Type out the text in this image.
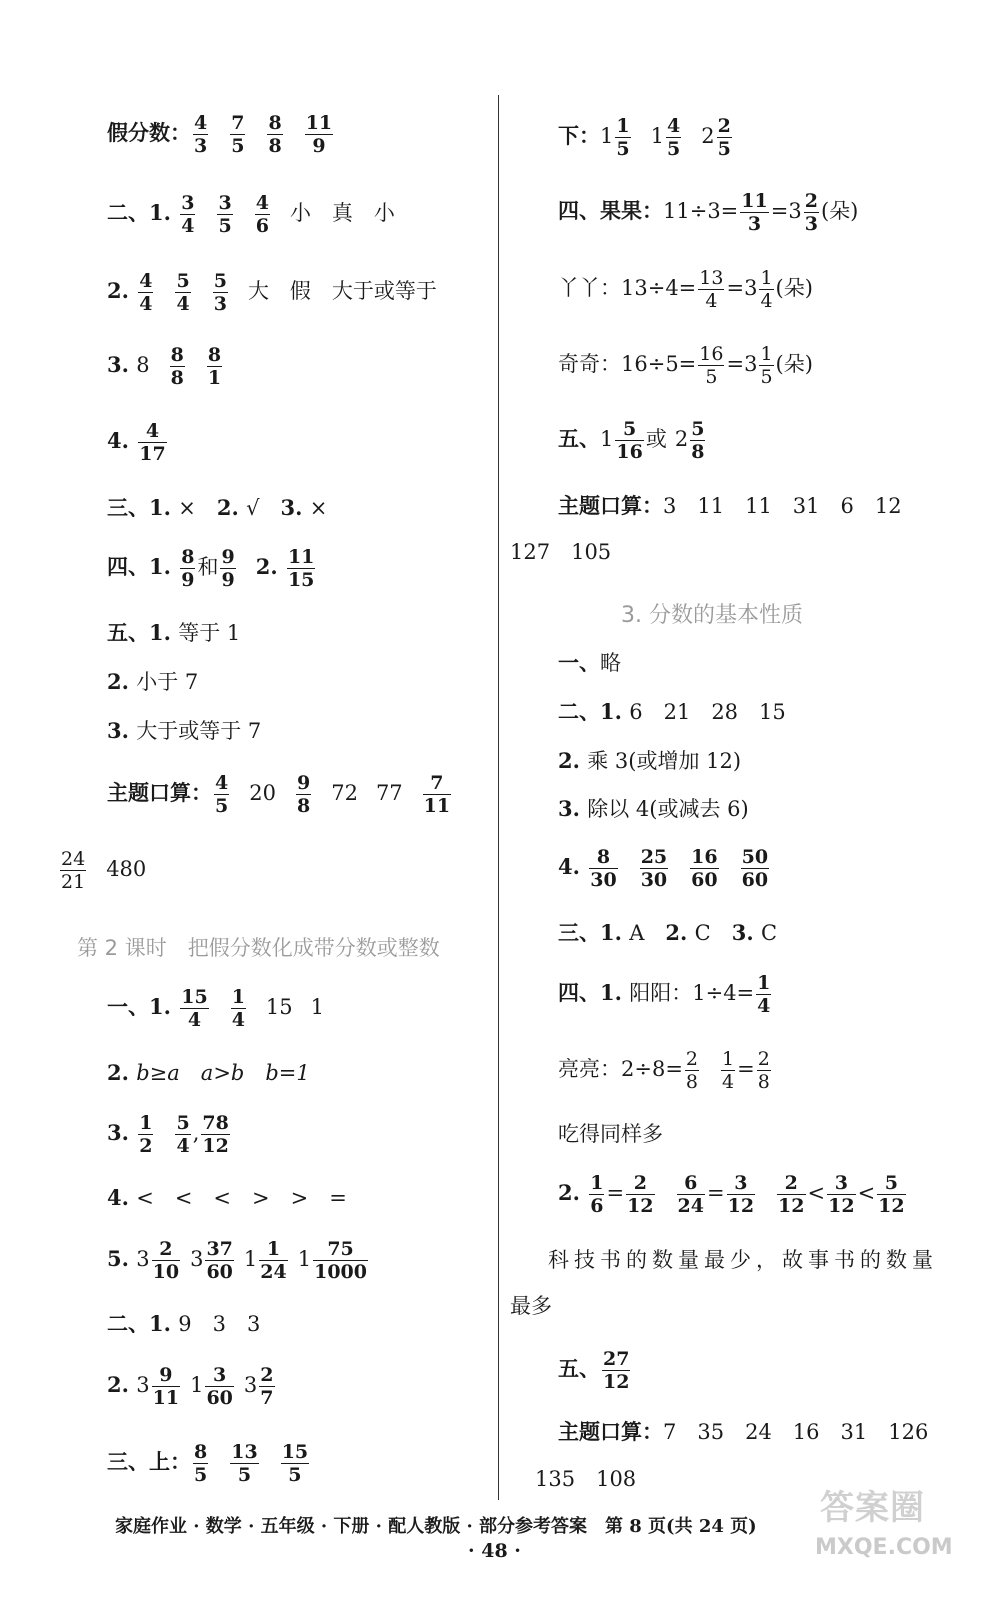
假分数： $\frac{4}{3} \frac{7}{5} \frac{8}{8} \frac{11}{9}$
二、1. $\frac{3}{4} \frac{3}{5} \frac{4}{6}$ 小　真　小
2. $\frac{4}{4} \frac{5}{4} \frac{5}{3}$ 大　假　大于或等于
3. $8 \frac{8}{8} \frac{8}{1}$
4. $\frac{4}{17}$
三、1. ×　2. √　3. ×
四、1. $\frac{8}{9}$ 和 $\frac{9}{9} 2$. $\frac{11}{15}$
五、1. 等于 1
2. 小于 7
3. 大于或等于 7
主题口算： $\frac{4}{5} 20 \frac{9}{8} 72$ $77 \frac{7}{11}$
$\frac{24}{21} 480$
第 2 课时　把假分数化成带分数或整数
一、1. $\frac{15}{4} \frac{1}{4} 15$ 1
2. b≥a　a>b　b=1
3. $\frac{1}{2} \frac{5}{4}$ , $\frac{78}{12}$
4. <　<　<　>　>　=
5. $3 \frac{2}{10} 3 \frac{37}{60} 1 \frac{1}{24} 1 \frac{75}{1000}$
二、1. 9　3　3
2. $3 \frac{9}{11} 1 \frac{3}{60} 3 \frac{2}{7}$
三、上： $\frac{8}{5} \frac{13}{5} \frac{15}{5}$
下：$1 \frac{1}{5} 1 \frac{4}{5} 2 \frac{2}{5}$
四、果果：$11\div 3= \frac{11}{3} =3 \frac{2}{3}$ (朵)
丫丫：$13\div 4= \frac{13}{4} =3 \frac{1}{4}$ (朵)
奇奇：$16\div 5= \frac{16}{5} =3 \frac{1}{5}$ (朵)
五、$1 \frac{5}{16}$ 或 $2 \frac{5}{8}$
主题口算：3　11　11　31　6　12
127　105
3. 分数的基本性质
一、略
二、1. 6　21　28　15
2. 乘 3(或增加 12)
3. 除以 4(或减去 6)
4. $\frac{8}{30} \frac{25}{30} \frac{16}{60} \frac{50}{60}$
三、1. A　2. C　3. C
四、1. 阳阳：$1\div 4= \frac{1}{4}$
亮亮：$2\div 8= \frac{2}{8} \frac{1}{4} = \frac{2}{8}$
吃得同样多
2. $\frac{1}{6} = \frac{2}{12} \frac{6}{24} = \frac{3}{12} \frac{2}{12} < \frac{3}{12} < \frac{5}{12}$
科技书的数量最少，故事书的数量
最多
五、 $\frac{27}{12}$
主题口算：7　35　24　16　31　126
135　108
家庭作业 · 数学 · 五年级 · 下册 · 配人教版 · 部分参考答案　第 8 页(共 24 页)
· 48 ·
答案圈
MXQE.COM
